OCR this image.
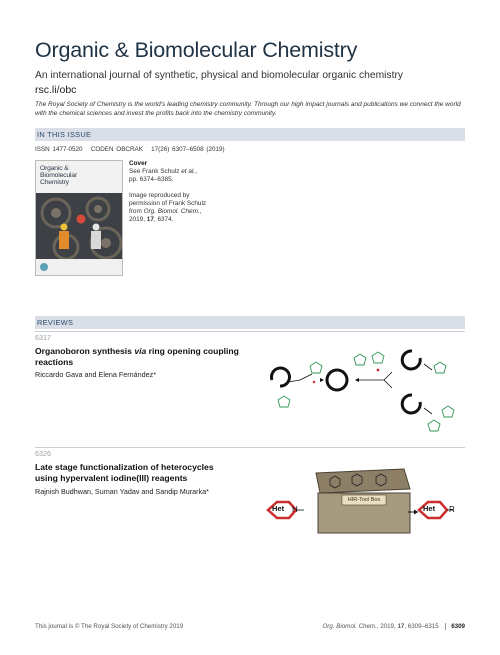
Organic & Biomolecular Chemistry
An international journal of synthetic, physical and biomolecular organic chemistry
rsc.li/obc
The Royal Society of Chemistry is the world’s leading chemistry community. Through our high impact journals and publications we connect the world with the chemical sciences and invest the profits back into the chemistry community.
IN THIS ISSUE
ISSN 1477-0520 CODEN OBCRAK 17(26) 6307–6508 (2019)
Organic &
Biomolecular
Chemistry
Cover
See Frank Schulz et al.,
pp. 6374–6385.
Image reproduced by
permission of Frank Schulz
from Org. Biomol. Chem.,
2019, 17, 6374.
REVIEWS
6317
Organoboron synthesis via ring opening coupling
reactions
Riccardo Gava and Elena Fernández*
6326
Late stage functionalization of heterocycles
using hypervalent iodine(III) reagents
Rajnish Budhwan, Suman Yadav and Sandip Murarka*
Het H	Het R
ArO–I–OAr
HIR-Tool Box
This journal is © The Royal Society of Chemistry 2019	Org. Biomol. Chem., 2019, 17, 6309–6315 6309
